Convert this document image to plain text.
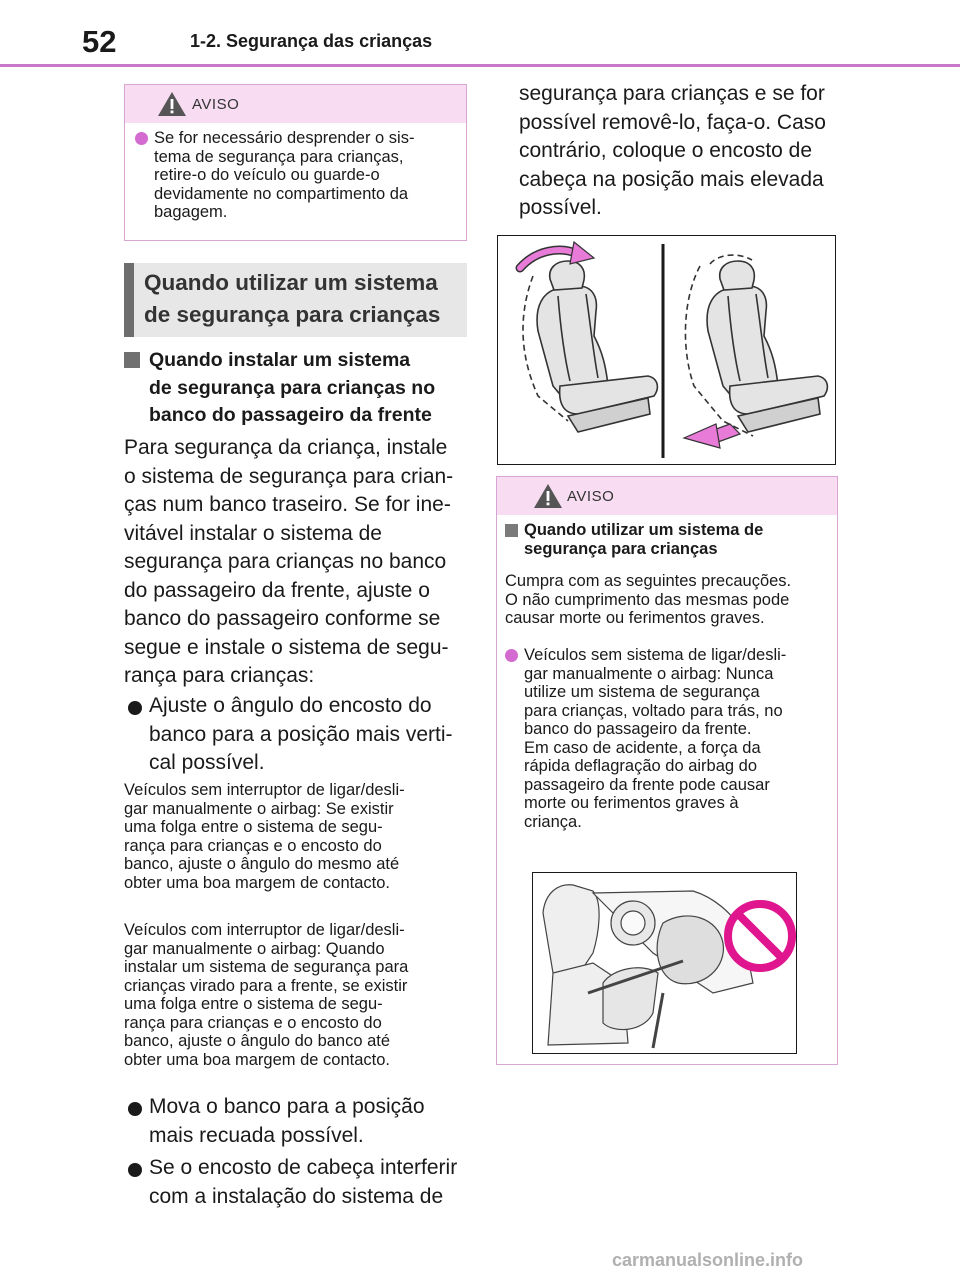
52	1-2. Segurança das crianças
AVISO
Se for necessário desprender o sis-
tema de segurança para crianças,
retire-o do veículo ou guarde-o
devidamente no compartimento da
bagagem.
Quando utilizar um sistema de segurança para crianças
Quando instalar um sistema
de segurança para crianças no
banco do passageiro da frente
Para segurança da criança, instale
o sistema de segurança para crian-
ças num banco traseiro. Se for ine-
vitável instalar o sistema de
segurança para crianças no banco
do passageiro da frente, ajuste o
banco do passageiro conforme se
segue e instale o sistema de segu-
rança para crianças:
Ajuste o ângulo do encosto do
banco para a posição mais verti-
cal possível.
Veículos sem interruptor de ligar/desli-
gar manualmente o airbag: Se existir
uma folga entre o sistema de segu-
rança para crianças e o encosto do
banco, ajuste o ângulo do mesmo até
obter uma boa margem de contacto.
Veículos com interruptor de ligar/desli-
gar manualmente o airbag: Quando
instalar um sistema de segurança para
crianças virado para a frente, se existir
uma folga entre o sistema de segu-
rança para crianças e o encosto do
banco, ajuste o ângulo do banco até
obter uma boa margem de contacto.
Mova o banco para a posição
mais recuada possível.
Se o encosto de cabeça interferir
com a instalação do sistema de
segurança para crianças e se for
possível removê-lo, faça-o. Caso
contrário, coloque o encosto de
cabeça na posição mais elevada
possível.
AVISO
Quando utilizar um sistema de
segurança para crianças
Cumpra com as seguintes precauções.
O não cumprimento das mesmas pode
causar morte ou ferimentos graves.
Veículos sem sistema de ligar/desli-
gar manualmente o airbag: Nunca
utilize um sistema de segurança
para crianças, voltado para trás, no
banco do passageiro da frente.
Em caso de acidente, a força da
rápida deflagração do airbag do
passageiro da frente pode causar
morte ou ferimentos graves à
criança.
carmanualsonline.info
